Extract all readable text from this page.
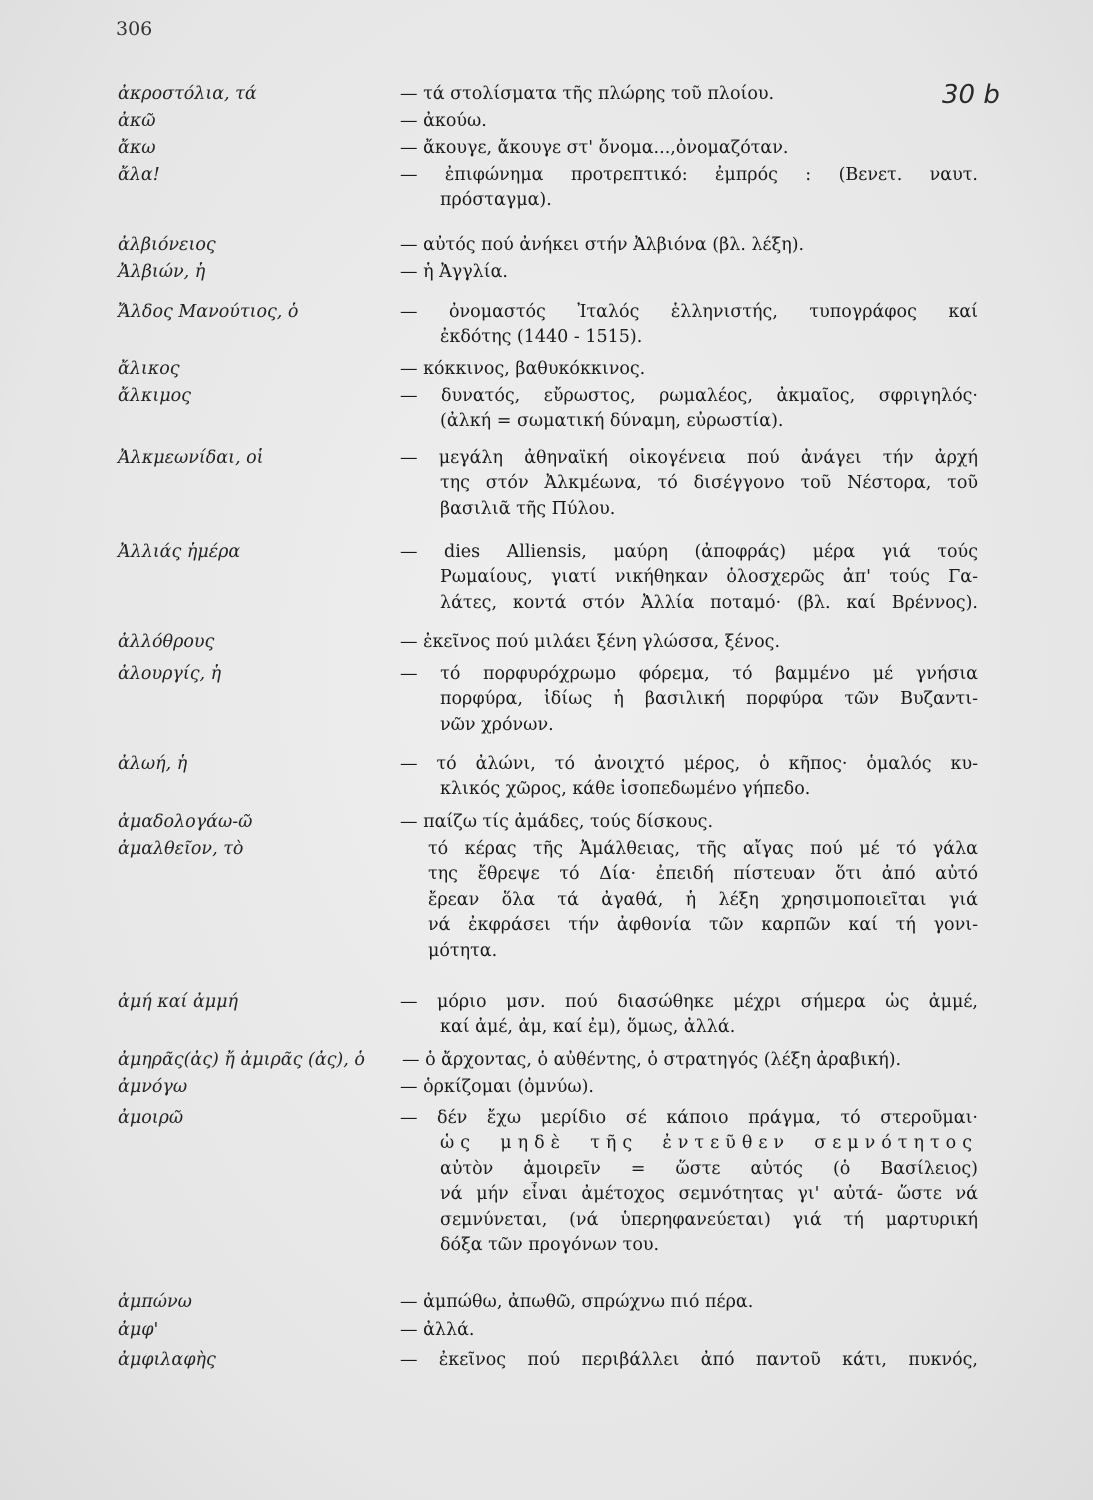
306
30 b
ἀκροστόλια, τά	— τά στολίσματα τῆς πλώρης τοῦ πλοίου.
ἀκῶ	— ἀκούω.
ἄκω	— ἄκουγε, ἄκουγε στ' ὄνομα...,ὀνομαζόταν.
ἄλα!	— ἐπιφώνημα προτρεπτικό: ἐμπρός : (Βενετ. ναυτ.
πρόσταγμα).
ἀλβιόνειος	— αὐτός πού ἀνήκει στήν Ἀλβιόνα (βλ. λέξη).
Ἀλβιών, ἡ	— ἡ Ἀγγλία.
Ἄλδος Μανούτιος, ὁ	— ὀνομαστός Ἰταλός ἑλληνιστής, τυπογράφος καί
ἐκδότης (1440 - 1515).
ἄλικος	— κόκκινος, βαθυκόκκινος.
ἄλκιμος	— δυνατός, εὔρωστος, ρωμαλέος, ἀκμαῖος, σφριγηλός·
(ἀλκή = σωματική δύναμη, εὐρωστία).
Ἀλκμεωνίδαι, οἱ	— μεγάλη ἀθηναϊκή οἰκογένεια πού ἀνάγει τήν ἀρχή
της στόν Ἀλκμέωνα, τό δισέγγονο τοῦ Νέστορα, τοῦ
βασιλιᾶ τῆς Πύλου.
Ἀλλιάς ἡμέρα	— dies Alliensis, μαύρη (ἀποφράς) μέρα γιά τούς
Ρωμαίους, γιατί νικήθηκαν ὁλοσχερῶς ἀπ' τούς Γα-
λάτες, κοντά στόν Ἀλλία ποταμό· (βλ. καί Βρέννος).
ἀλλόθρους	— ἐκεῖνος πού μιλάει ξένη γλώσσα, ξένος.
ἀλουργίς, ἡ	— τό πορφυρόχρωμο φόρεμα, τό βαμμένο μέ γνήσια
πορφύρα, ἰδίως ἡ βασιλική πορφύρα τῶν Βυζαντι-
νῶν χρόνων.
ἀλωή, ἡ	— τό ἀλώνι, τό ἀνοιχτό μέρος, ὁ κῆπος· ὁμαλός κυ-
κλικός χῶρος, κάθε ἰσοπεδωμένο γήπεδο.
ἀμαδολογάω-ῶ	— παίζω τίς ἀμάδες, τούς δίσκους.
ἀμαλθεῖον, τὸ	τό κέρας τῆς Ἀμάλθειας, τῆς αἴγας πού μέ τό γάλα
της ἔθρεψε τό Δία· ἐπειδή πίστευαν ὅτι ἀπό αὐτό
ἔρεαν ὅλα τά ἀγαθά, ἡ λέξη χρησιμοποιεῖται γιά
νά ἐκφράσει τήν ἀφθονία τῶν καρπῶν καί τή γονι-
μότητα.
ἀμή καί ἀμμή	— μόριο μσν. πού διασώθηκε μέχρι σήμερα ὡς ἀμμέ,
καί ἀμέ, ἀμ, καί ἐμ), ὅμως, ἀλλά.
ἀμηρᾶς(ἀς) ἤ ἀμιρᾶς (ἀς), ὁ — ὁ ἄρχοντας, ὁ αὐθέντης, ὁ στρατηγός (λέξη ἀραβική).
ἀμνόγω	— ὁρκίζομαι (ὀμνύω).
ἀμοιρῶ	— δέν ἔχω μερίδιο σέ κάποιο πράγμα, τό στεροῦμαι·
ὡς μηδὲ τῆς ἐντεῦθεν σεμνότητος
αὐτὸν ἀμοιρεῖν = ὥστε αὐτός (ὁ Βασίλειος)
νά μήν εἶναι ἀμέτοχος σεμνότητας γι' αὐτά- ὥστε νά
σεμνύνεται, (νά ὑπερηφανεύεται) γιά τή μαρτυρική
δόξα τῶν προγόνων του.
ἀμπώνω	— ἀμπώθω, ἀπωθῶ, σπρώχνω πιό πέρα.
ἀμφ'	— ἀλλά.
ἀμφιλαφὴς	— ἐκεῖνος πού περιβάλλει ἀπό παντοῦ κάτι, πυκνός,
